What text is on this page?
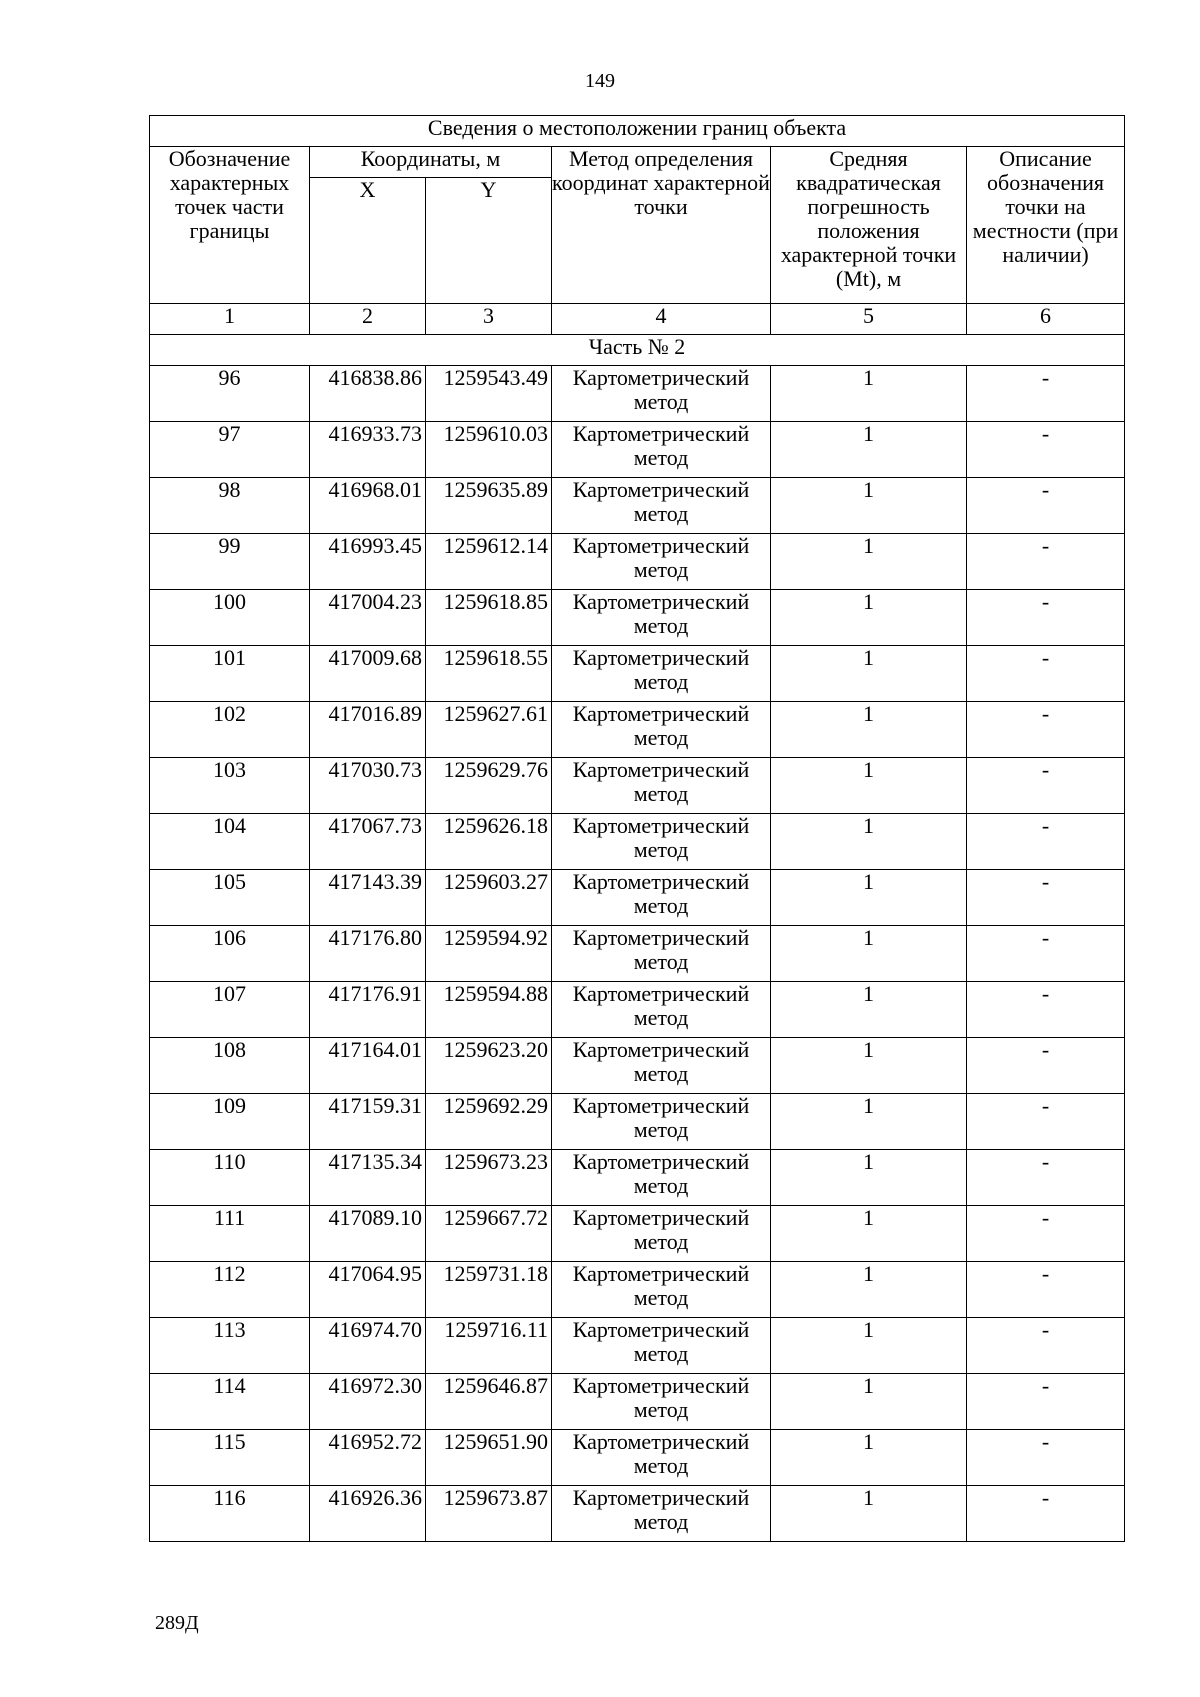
149
Сведения о местоположении границ объекта					
Обозначение характерных точек части границы	Координаты, м		Метод определения координат характерной точки	Средняя квадратическая погрешность положения характерной точки (Mt), м	Описание обозначения точки на местности (при наличии)
	X	Y			
1	2	3	4	5	6
Часть № 2					
96	416838.86	1259543.49	Картометрический метод	1	-
97	416933.73	1259610.03	Картометрический метод	1	-
98	416968.01	1259635.89	Картометрический метод	1	-
99	416993.45	1259612.14	Картометрический метод	1	-
100	417004.23	1259618.85	Картометрический метод	1	-
101	417009.68	1259618.55	Картометрический метод	1	-
102	417016.89	1259627.61	Картометрический метод	1	-
103	417030.73	1259629.76	Картометрический метод	1	-
104	417067.73	1259626.18	Картометрический метод	1	-
105	417143.39	1259603.27	Картометрический метод	1	-
106	417176.80	1259594.92	Картометрический метод	1	-
107	417176.91	1259594.88	Картометрический метод	1	-
108	417164.01	1259623.20	Картометрический метод	1	-
109	417159.31	1259692.29	Картометрический метод	1	-
110	417135.34	1259673.23	Картометрический метод	1	-
111	417089.10	1259667.72	Картометрический метод	1	-
112	417064.95	1259731.18	Картометрический метод	1	-
113	416974.70	1259716.11	Картометрический метод	1	-
114	416972.30	1259646.87	Картометрический метод	1	-
115	416952.72	1259651.90	Картометрический метод	1	-
116	416926.36	1259673.87	Картометрический метод	1	-
289Д
